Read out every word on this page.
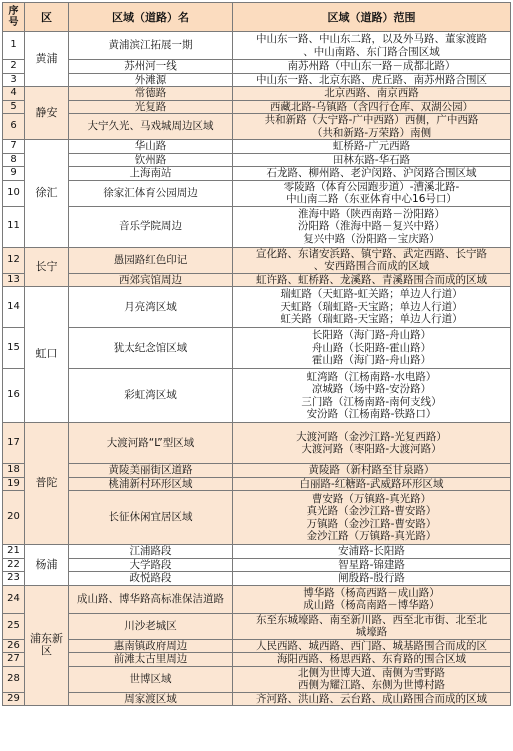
序号	区	区域（道路）名	区域（道路）范围
1	黄浦	黄浦滨江拓展一期	中山东一路、中山东二路，以及外马路、董家渡路
、中山南路、东门路合围区域

2		苏州河一线	南苏州路（中山东一路－成都北路）

3		外滩源	中山东一路、北京东路、虎丘路、南苏州路合围区

4	静安	常德路	北京西路、南京西路

5		光复路	西藏北路-乌镇路（含四行仓库、双湖公园）

6		大宁久光、马戏城周边区域	共和新路（大宁路-广中西路）西侧，广中西路
（共和新路-万荣路）南侧

7	徐汇	华山路	虹桥路-广元西路

8		钦州路	田林东路-华石路

9		上海南站	石龙路、柳州路、老沪闵路、沪闵路合围区域

10		徐家汇体育公园周边	零陵路（体育公园跑步道）-漕溪北路-
中山南二路（东亚体育中心16号口）

11		音乐学院周边	淮海中路（陕西南路－汾阳路）
汾阳路（淮海中路－复兴中路）
复兴中路（汾阳路－宝庆路）

12	长宁	愚园路红色印记	宣化路、东诸安浜路、镇宁路、武定西路、长宁路
、安西路围合而成的区域

13		西郊宾馆周边	虹许路、虹桥路、龙溪路、青溪路围合而成的区域

14	虹口	月亮湾区域	瑞虹路（天虹路-虹关路；单边人行道）
天虹路（瑞虹路-天宝路；单边人行道）
虹关路（瑞虹路-天宝路；单边人行道）

15		犹太纪念馆区域	长阳路（海门路-舟山路）
舟山路（长阳路-霍山路）
霍山路（海门路-舟山路）

16		彩虹湾区域	虹湾路（江杨南路-水电路）
凉城路（场中路-安汾路）
三门路（江杨南路-南何支线）
安汾路（江杨南路-铁路口）

17	普陀	大渡河路“L”型区域	大渡河路（金沙江路-光复西路）
大渡河路（枣阳路-大渡河路）

18		黄陵美丽街区道路	黄陵路（新村路至甘泉路）

19		桃浦新村环形区域	白丽路-红糖路-武威路环形区域

20		长征休闲宜居区域	曹安路（万镇路-真光路）
真光路（金沙江路-曹安路）
万镇路（金沙江路-曹安路）
金沙江路（万镇路-真光路）

21	杨浦	江浦路段	安浦路-长阳路

22		大学路段	智星路-锦建路

23		政悦路段	闸殷路-殷行路

24	浦东新区	成山路、博华路高标准保洁道路	博华路（杨高西路－成山路）
成山路（杨高南路－博华路）

25		川沙老城区	东至东城壕路、南至新川路、西至北市街、北至北
城壕路

26		惠南镇政府周边	人民西路、城西路、西门路、城基路围合而成的区

27		前滩太古里周边	海阳西路、杨思西路、东育路的围合区域

28		世博区域	北侧为世博大道、南侧为雪野路
西侧为耀江路、东侧为世博村路

29		周家渡区域	齐河路、洪山路、云台路、成山路围合而成的区域
